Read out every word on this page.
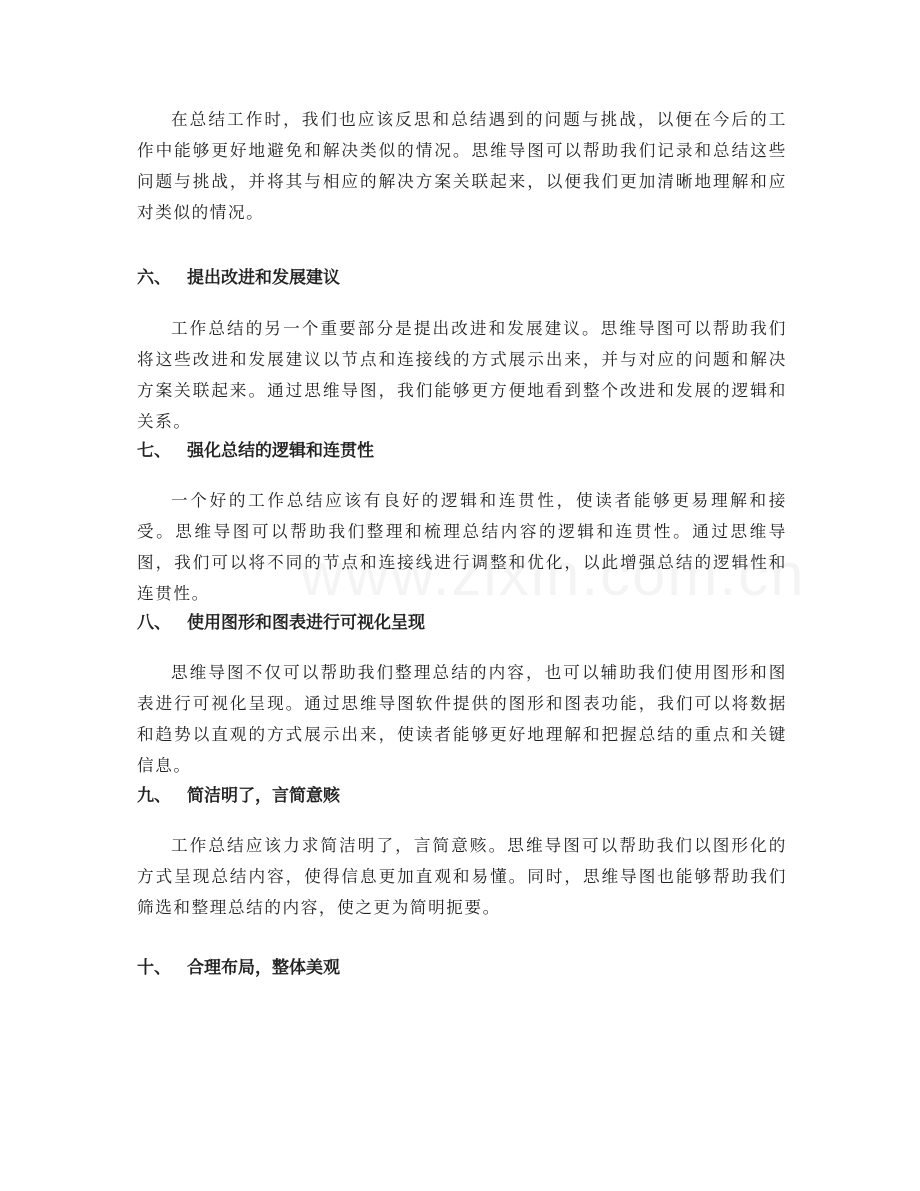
在总结工作时，我们也应该反思和总结遇到的问题与挑战，以便在今后的工作中能够更好地避免和解决类似的情况。思维导图可以帮助我们记录和总结这些问题与挑战，并将其与相应的解决方案关联起来，以便我们更加清晰地理解和应对类似的情况。

六、 提出改进和发展建议

工作总结的另一个重要部分是提出改进和发展建议。思维导图可以帮助我们将这些改进和发展建议以节点和连接线的方式展示出来，并与对应的问题和解决方案关联起来。通过思维导图，我们能够更方便地看到整个改进和发展的逻辑和关系。

七、 强化总结的逻辑和连贯性

一个好的工作总结应该有良好的逻辑和连贯性，使读者能够更易理解和接受。思维导图可以帮助我们整理和梳理总结内容的逻辑和连贯性。通过思维导图，我们可以将不同的节点和连接线进行调整和优化，以此增强总结的逻辑性和连贯性。

八、 使用图形和图表进行可视化呈现

思维导图不仅可以帮助我们整理总结的内容，也可以辅助我们使用图形和图表进行可视化呈现。通过思维导图软件提供的图形和图表功能，我们可以将数据和趋势以直观的方式展示出来，使读者能够更好地理解和把握总结的重点和关键信息。

九、 简洁明了，言简意赅

工作总结应该力求简洁明了，言简意赅。思维导图可以帮助我们以图形化的方式呈现总结内容，使得信息更加直观和易懂。同时，思维导图也能够帮助我们筛选和整理总结的内容，使之更为简明扼要。

十、 合理布局，整体美观
